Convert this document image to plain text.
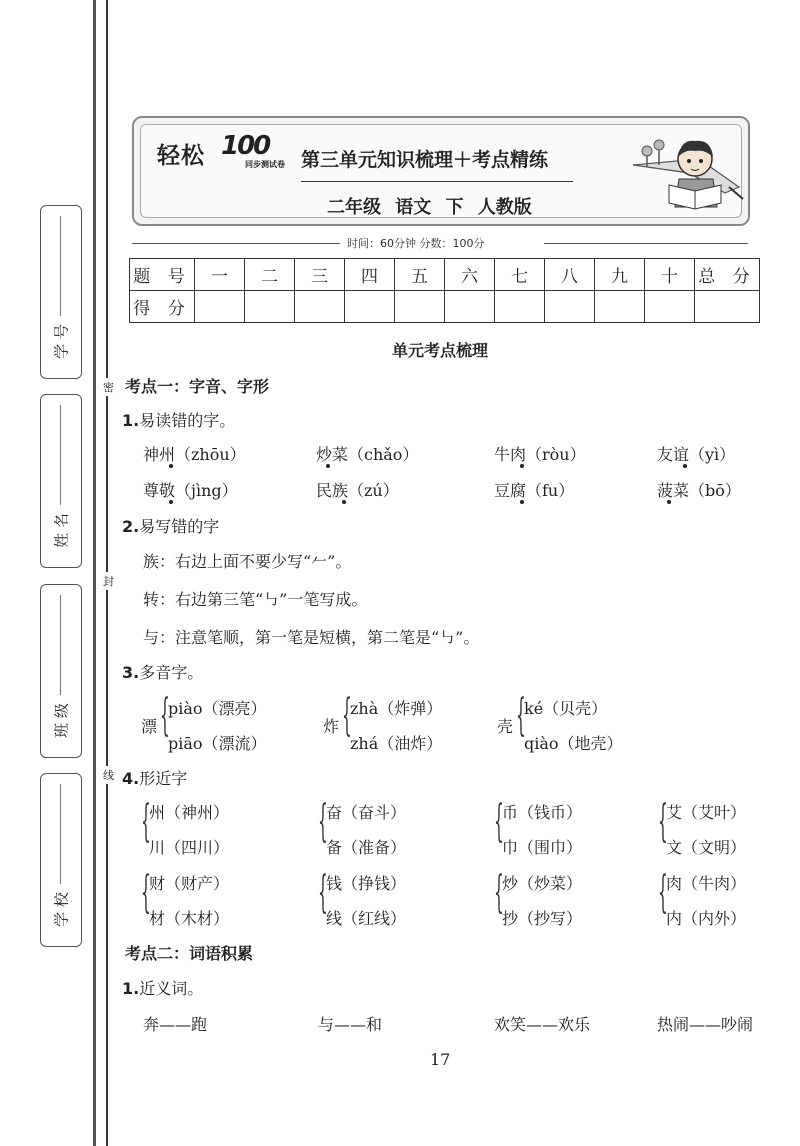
学 号
姓 名
班 级
学 校
密
封
线
轻松 100
同步测试卷 第三单元知识梳理＋考点精练
二年级 语文 下 人教版
时间：60分钟 分数：100分
题 号	一	二	三	四	五	六	七	八	九	十	总 分
得 分											
单元考点梳理
考点一：字音、字形
1.易读错的字。
神州（zhōu）	炒菜（chǎo）	牛肉（ròu）	友谊（yì）
尊敬（jìng）	民族（zú）	豆腐（fu）	菠菜（bō）
2.易写错的字
族：右边上面不要少写“𠂉”。
转：右边第三笔“㇉”一笔写成。
与：注意笔顺，第一笔是短横，第二笔是“㇉”。
3.多音字。
漂 {
piào（漂亮）
piāo（漂流）
炸 {
zhà（炸弹）
zhá（油炸）
壳 {
ké（贝壳）
qiào（地壳）
4.形近字
{
州（神州）
川（四川）
{
奋（奋斗）
备（准备）
{
币（钱币）
巾（围巾）
{
艾（艾叶）
文（文明）
{
财（财产）
材（木材）
{
钱（挣钱）
线（红线）
{
炒（炒菜）
抄（抄写）
{
肉（牛肉）
内（内外）
考点二：词语积累
1.近义词。
奔——跑	与——和	欢笑——欢乐	热闹——吵闹
17
